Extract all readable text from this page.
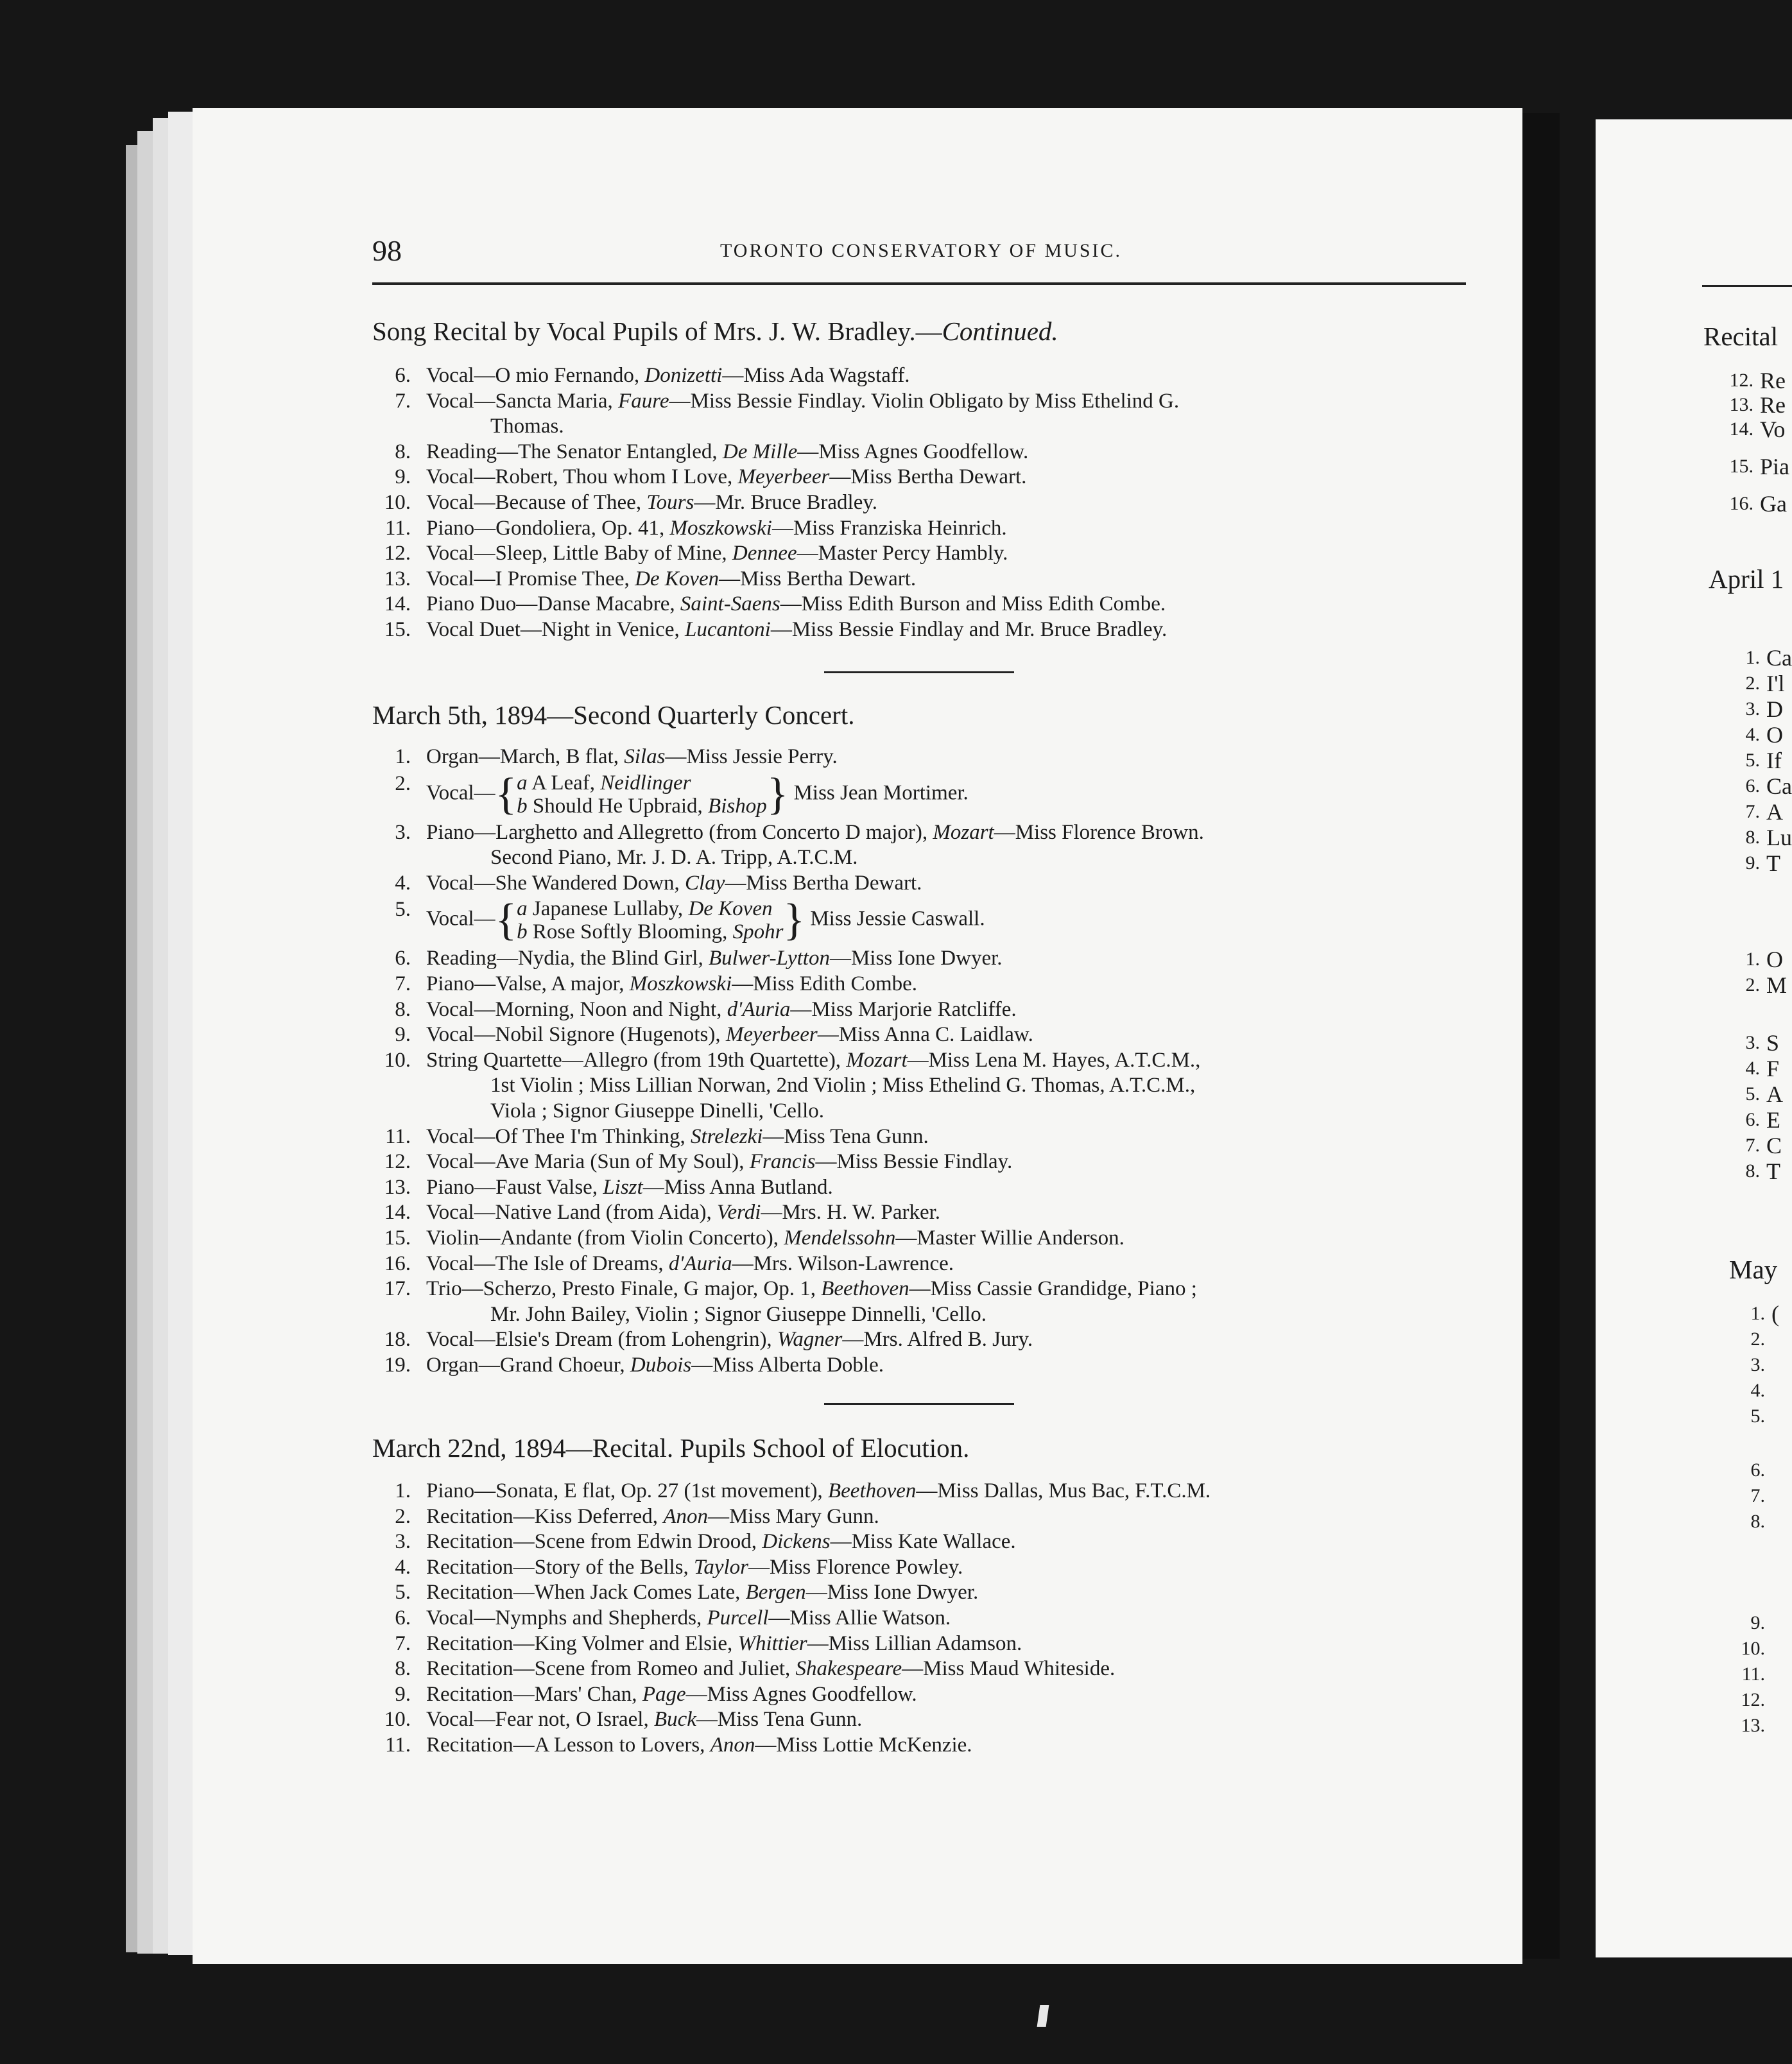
98	TORONTO CONSERVATORY OF MUSIC.
Song Recital by Vocal Pupils of Mrs. J. W. Bradley.—Continued.
6. Vocal—O mio Fernando, Donizetti—Miss Ada Wagstaff.
7. Vocal—Sancta Maria, Faure—Miss Bessie Findlay. Violin Obligato by Miss Ethelind G.
Thomas.
8. Reading—The Senator Entangled, De Mille—Miss Agnes Goodfellow.
9. Vocal—Robert, Thou whom I Love, Meyerbeer—Miss Bertha Dewart.
10. Vocal—Because of Thee, Tours—Mr. Bruce Bradley.
11. Piano—Gondoliera, Op. 41, Moszkowski—Miss Franziska Heinrich.
12. Vocal—Sleep, Little Baby of Mine, Dennee—Master Percy Hambly.
13. Vocal—I Promise Thee, De Koven—Miss Bertha Dewart.
14. Piano Duo—Danse Macabre, Saint-Saens—Miss Edith Burson and Miss Edith Combe.
15. Vocal Duet—Night in Venice, Lucantoni—Miss Bessie Findlay and Mr. Bruce Bradley.
March 5th, 1894—Second Quarterly Concert.
1. Organ—March, B flat, Silas—Miss Jessie Perry.
2. Vocal—{ a A Leaf, Neidlinger
b Should He Upbraid, Bishop } Miss Jean Mortimer.
3. Piano—Larghetto and Allegretto (from Concerto D major), Mozart—Miss Florence Brown.
Second Piano, Mr. J. D. A. Tripp, A.T.C.M.
4. Vocal—She Wandered Down, Clay—Miss Bertha Dewart.
5. Vocal—{ a Japanese Lullaby, De Koven
b Rose Softly Blooming, Spohr } Miss Jessie Caswall.
6. Reading—Nydia, the Blind Girl, Bulwer-Lytton—Miss Ione Dwyer.
7. Piano—Valse, A major, Moszkowski—Miss Edith Combe.
8. Vocal—Morning, Noon and Night, d'Auria—Miss Marjorie Ratcliffe.
9. Vocal—Nobil Signore (Hugenots), Meyerbeer—Miss Anna C. Laidlaw.
10. String Quartette—Allegro (from 19th Quartette), Mozart—Miss Lena M. Hayes, A.T.C.M.,
1st Violin ; Miss Lillian Norwan, 2nd Violin ; Miss Ethelind G. Thomas, A.T.C.M.,
Viola ; Signor Giuseppe Dinelli, 'Cello.
11. Vocal—Of Thee I'm Thinking, Strelezki—Miss Tena Gunn.
12. Vocal—Ave Maria (Sun of My Soul), Francis—Miss Bessie Findlay.
13. Piano—Faust Valse, Liszt—Miss Anna Butland.
14. Vocal—Native Land (from Aida), Verdi—Mrs. H. W. Parker.
15. Violin—Andante (from Violin Concerto), Mendelssohn—Master Willie Anderson.
16. Vocal—The Isle of Dreams, d'Auria—Mrs. Wilson-Lawrence.
17. Trio—Scherzo, Presto Finale, G major, Op. 1, Beethoven—Miss Cassie Grandidge, Piano ;
Mr. John Bailey, Violin ; Signor Giuseppe Dinnelli, 'Cello.
18. Vocal—Elsie's Dream (from Lohengrin), Wagner—Mrs. Alfred B. Jury.
19. Organ—Grand Choeur, Dubois—Miss Alberta Doble.
March 22nd, 1894—Recital. Pupils School of Elocution.
1. Piano—Sonata, E flat, Op. 27 (1st movement), Beethoven—Miss Dallas, Mus Bac, F.T.C.M.
2. Recitation—Kiss Deferred, Anon—Miss Mary Gunn.
3. Recitation—Scene from Edwin Drood, Dickens—Miss Kate Wallace.
4. Recitation—Story of the Bells, Taylor—Miss Florence Powley.
5. Recitation—When Jack Comes Late, Bergen—Miss Ione Dwyer.
6. Vocal—Nymphs and Shepherds, Purcell—Miss Allie Watson.
7. Recitation—King Volmer and Elsie, Whittier—Miss Lillian Adamson.
8. Recitation—Scene from Romeo and Juliet, Shakespeare—Miss Maud Whiteside.
9. Recitation—Mars' Chan, Page—Miss Agnes Goodfellow.
10. Vocal—Fear not, O Israel, Buck—Miss Tena Gunn.
11. Recitation—A Lesson to Lovers, Anon—Miss Lottie McKenzie.
Recital
12. Re
13. Re
14. Vo
15. Pia
16. Ga
April 1
1. Ca
2. I'l
3. D
4. O
5. If
6. Ca
7. A
8. Lu
9. T
1. O
2. M
3. S
4. F
5. A
6. E
7. C
8. T
May
1. (
2.
3.
4.
5.
6.
7.
8.
9.
10.
11.
12.
13.
